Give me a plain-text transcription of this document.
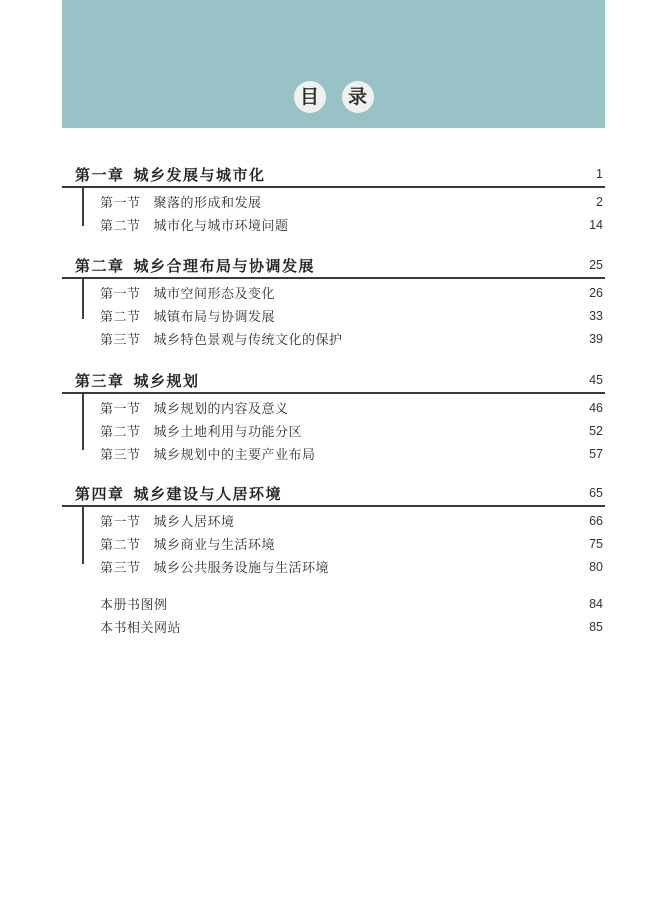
目 录
第一章 城乡发展与城市化	1
第一节 聚落的形成和发展	2
第二节 城市化与城市环境问题	14
第二章 城乡合理布局与协调发展	25
第一节 城市空间形态及变化	26
第二节 城镇布局与协调发展	33
第三节 城乡特色景观与传统文化的保护	39
第三章 城乡规划	45
第一节 城乡规划的内容及意义	46
第二节 城乡土地利用与功能分区	52
第三节 城乡规划中的主要产业布局	57
第四章 城乡建设与人居环境	65
第一节 城乡人居环境	66
第二节 城乡商业与生活环境	75
第三节 城乡公共服务设施与生活环境	80
本册书图例	84
本书相关网站	85
